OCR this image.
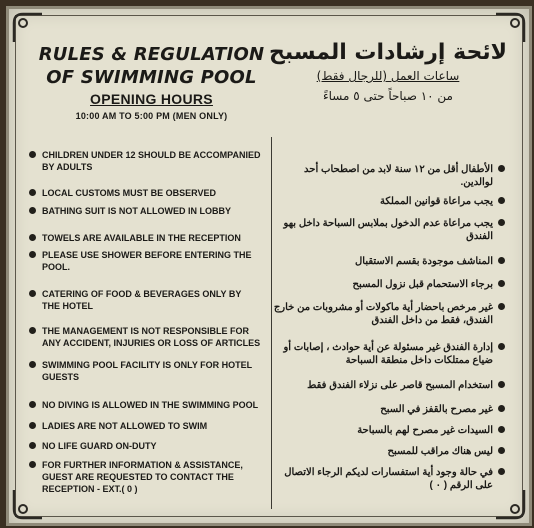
RULES & REGULATION OF SWIMMING POOL
OPENING HOURS
10:00 AM TO 5:00 PM (MEN ONLY)
لائحة إرشادات المسبح
ساعات العمل (للرجال فقط)
من ١٠ صباحاً حتى ٥ مساءً
CHILDREN UNDER 12 SHOULD BE ACCOMPANIED BY ADULTS
LOCAL CUSTOMS MUST BE OBSERVED
BATHING SUIT IS NOT ALLOWED IN LOBBY
TOWELS ARE AVAILABLE IN THE RECEPTION
PLEASE USE SHOWER BEFORE ENTERING THE POOL.
CATERING OF FOOD & BEVERAGES ONLY BY THE HOTEL
THE MANAGEMENT IS NOT RESPONSIBLE FOR ANY ACCIDENT, INJURIES OR LOSS OF ARTICLES
SWIMMING POOL FACILITY IS ONLY FOR HOTEL GUESTS
NO DIVING IS ALLOWED IN THE SWIMMING POOL
LADIES ARE NOT ALLOWED TO SWIM
NO LIFE GUARD ON-DUTY
FOR FURTHER INFORMATION & ASSISTANCE, GUEST ARE REQUESTED TO CONTACT THE RECEPTION - EXT.( 0 )
الأطفال أقل من ١٢ سنة لابد من اصطحاب أحد لوالدين.
يجب مراعاة قوانين المملكة
يجب مراعاة عدم الدخول بملابس السباحة داخل بهو الفندق
المناشف موجودة بقسم الاستقبال
برجاء الاستحمام قبل نزول المسبح
غير مرخص باحضار أية ماكولات أو مشروبات من خارج الفندق، فقط من داخل الفندق
إدارة الفندق غير مسئولة عن أية حوادث ، إصابات أو ضياع ممتلكات داخل منطقة السباحة
استخدام المسبح قاصر على نزلاء الفندق فقط
غير مصرح بالقفز في السبح
السيدات غير مصرح لهم بالسباحة
ليس هناك مراقب للمسبح
في حالة وجود أية استفسارات لديكم الرجاء الاتصال على الرقم ( ٠ )
